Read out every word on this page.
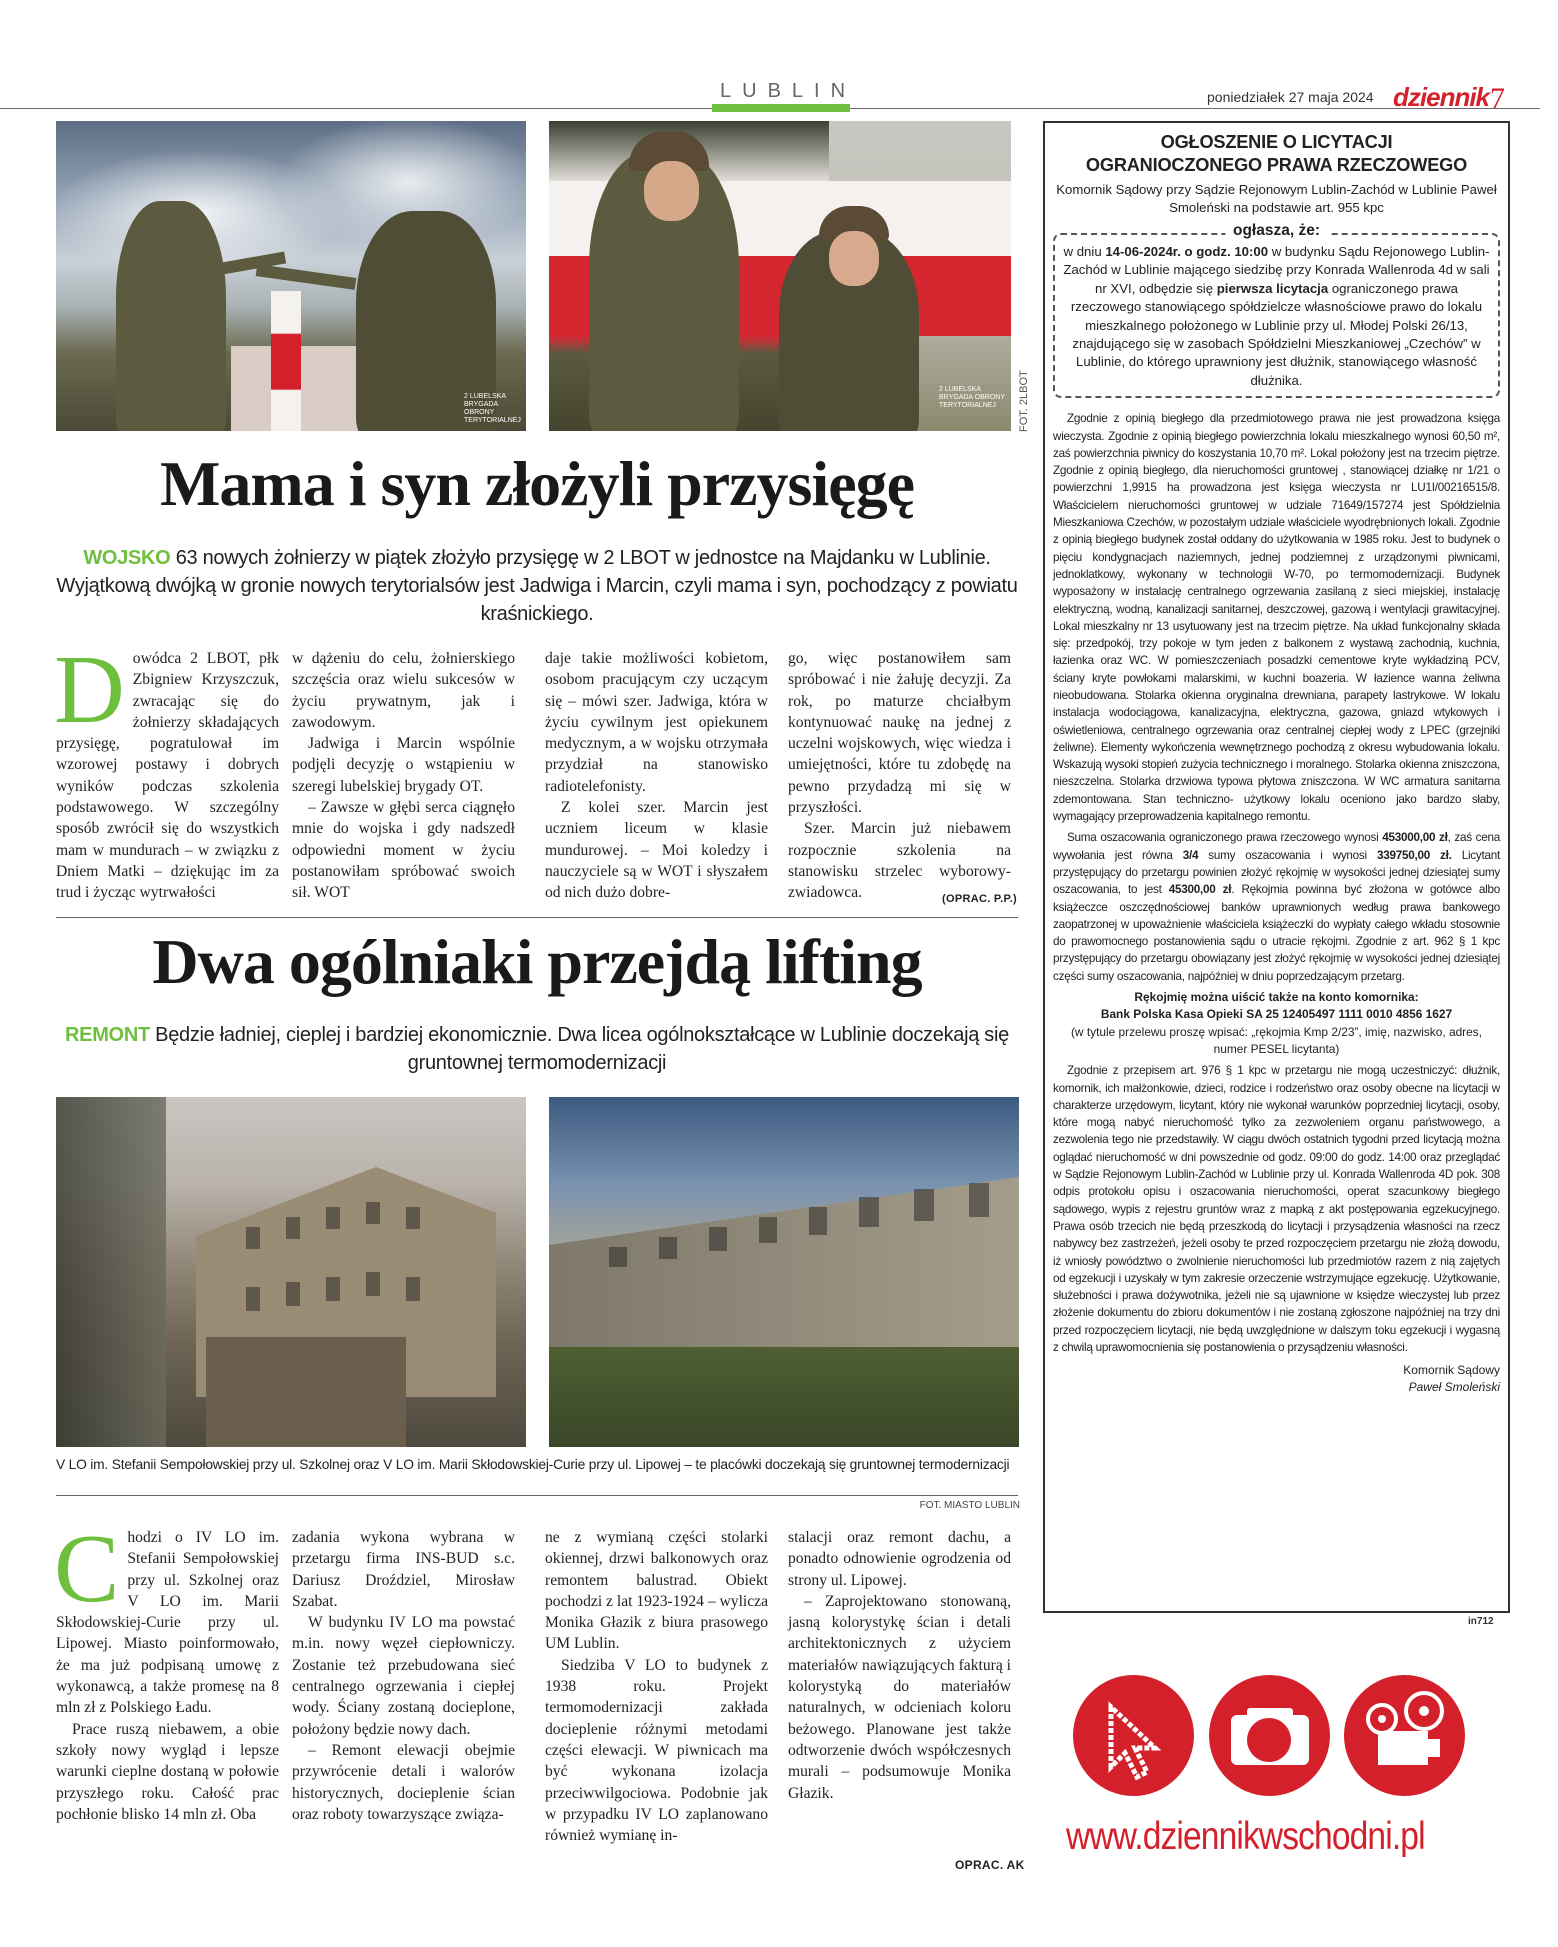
LUBLIN	poniedziałek 27 maja 2024 dziennik 7
2 LUBELSKA BRYGADA OBRONY TERYTORIALNEJ
2 LUBELSKA BRYGADA OBRONY TERYTORIALNEJ	FOT. 2LBOT
Mama i syn złożyli przysięgę
WOJSKO 63 nowych żołnierzy w piątek złożyło przysięgę w 2 LBOT w jednostce na Majdanku w Lublinie. Wyjątkową dwójką w gronie nowych terytorialsów jest Jadwiga i Marcin, czyli mama i syn, pochodzący z powiatu kraśnickiego.
D owódca 2 LBOT, płk Zbigniew Krzyszczuk, zwracając się do żołnierzy składających przysięgę, pogratulował im wzorowej postawy i dobrych wyników podczas szkolenia podstawowego. W szczególny sposób zwrócił się do wszystkich mam w mundurach – w związku z Dniem Matki – dziękując im za trud i życząc wytrwałości

w dążeniu do celu, żołnierskiego szczęścia oraz wielu sukcesów w życiu prywatnym, jak i zawodowym.

Jadwiga i Marcin wspólnie podjęli decyzję o wstąpieniu w szeregi lubelskiej brygady OT.

– Zawsze w głębi serca ciągnęło mnie do wojska i gdy nadszedł odpowiedni moment w życiu postanowiłam spróbować swoich sił. WOT

daje takie możliwości kobietom, osobom pracującym czy uczącym się – mówi szer. Jadwiga, która w życiu cywilnym jest opiekunem medycznym, a w wojsku otrzymała przydział na stanowisko radiotelefonisty.

Z kolei szer. Marcin jest uczniem liceum w klasie mundurowej. – Moi koledzy i nauczyciele są w WOT i słyszałem od nich dużo dobre-

go, więc postanowiłem sam spróbować i nie żałuję decyzji. Za rok, po maturze chciałbym kontynuować naukę na jednej z uczelni wojskowych, więc wiedza i umiejętności, które tu zdobędę na pewno przydadzą mi się w przyszłości.

Szer. Marcin już niebawem rozpocznie szkolenia na stanowisku strzelec wyborowy-zwiadowca.	(OPRAC. P.P.)
Dwa ogólniaki przejdą lifting
REMONT Będzie ładniej, cieplej i bardziej ekonomicznie. Dwa licea ogólnokształcące w Lublinie doczekają się gruntownej termomodernizacji
V LO im. Stefanii Sempołowskiej przy ul. Szkolnej oraz V LO im. Marii Skłodowskiej-Curie przy ul. Lipowej – te placówki doczekają się gruntownej termodernizacji
FOT. MIASTO LUBLIN
C hodzi o IV LO im. Stefanii Sempołowskiej przy ul. Szkolnej oraz V LO im. Marii Skłodowskiej-Curie przy ul. Lipowej. Miasto poinformowało, że ma już podpisaną umowę z wykonawcą, a także promesę na 8 mln zł z Polskiego Ładu.

Prace ruszą niebawem, a obie szkoły nowy wygląd i lepsze warunki cieplne dostaną w połowie przyszłego roku. Całość prac pochłonie blisko 14 mln zł. Oba

zadania wykona wybrana w przetargu firma INS-BUD s.c. Dariusz Droździel, Mirosław Szabat.

W budynku IV LO ma powstać m.in. nowy węzeł ciepłowniczy. Zostanie też przebudowana sieć centralnego ogrzewania i ciepłej wody. Ściany zostaną docieplone, położony będzie nowy dach.

– Remont elewacji obejmie przywrócenie detali i walorów historycznych, docieplenie ścian oraz roboty towarzyszące związa-

ne z wymianą części stolarki okiennej, drzwi balkonowych oraz remontem balustrad. Obiekt pochodzi z lat 1923-1924 – wylicza Monika Głazik z biura prasowego UM Lublin.

Siedziba V LO to budynek z 1938 roku. Projekt termomodernizacji zakłada docieplenie różnymi metodami części elewacji. W piwnicach ma być wykonana izolacja przeciwwilgociowa. Podobnie jak w przypadku IV LO zaplanowano również wymianę in-

stalacji oraz remont dachu, a ponadto odnowienie ogrodzenia od strony ul. Lipowej.

– Zaprojektowano stonowaną, jasną kolorystykę ścian i detali architektonicznych z użyciem materiałów nawiązujących fakturą i kolorystyką do materiałów naturalnych, w odcieniach koloru beżowego. Planowane jest także odtworzenie dwóch współczesnych murali – podsumowuje Monika Głazik.

OPRAC. AK
OGŁOSZENIE O LICYTACJI
OGRANIOCZONEGO PRAWA RZECZOWEGO
Komornik Sądowy przy Sądzie Rejonowym Lublin-Zachód w Lublinie Paweł Smoleński na podstawie art. 955 kpc
ogłasza, że:
w dniu 14-06-2024r. o godz. 10:00 w budynku Sądu Rejonowego Lublin-Zachód w Lublinie mającego siedzibę przy Konrada Wallenroda 4d w sali nr XVI, odbędzie się pierwsza licytacja ograniczonego prawa rzeczowego stanowiącego spółdzielcze własnościowe prawo do lokalu mieszkalnego położonego w Lublinie przy ul. Młodej Polski 26/13, znajdującego się w zasobach Spółdzielni Mieszkaniowej „Czechów” w Lublinie, do którego uprawniony jest dłużnik, stanowiącego własność dłużnika.

Zgodnie z opinią biegłego dla przedmiotowego prawa nie jest prowadzona księga wieczysta. Zgodnie z opinią biegłego powierzchnia lokalu mieszkalnego wynosi 60,50 m², zaś powierzchnia piwnicy do koszystania 10,70 m². Lokal położony jest na trzecim piętrze. Zgodnie z opinią biegłego, dla nieruchomości gruntowej , stanowiącej działkę nr 1/21 o powierzchni 1,9915 ha prowadzona jest księga wieczysta nr LU1I/00216515/8. Właścicielem nieruchomości gruntowej w udziale 71649/157274 jest Spółdzielnia Mieszkaniowa Czechów, w pozostałym udziale właściciele wyodrębnionych lokali. Zgodnie z opinią biegłego budynek został oddany do użytkowania w 1985 roku. Jest to budynek o pięciu kondygnacjach naziemnych, jednej podziemnej z urządzonymi piwnicami, jednoklatkowy, wykonany w technologii W-70, po termomodernizacji. Budynek wyposażony w instalację centralnego ogrzewania zasilaną z sieci miejskiej, instalację elektryczną, wodną, kanalizacji sanitarnej, deszczowej, gazową i wentylacji grawitacyjnej. Lokal mieszkalny nr 13 usytuowany jest na trzecim piętrze. Na układ funkcjonalny składa się: przedpokój, trzy pokoje w tym jeden z balkonem z wystawą zachodnią, kuchnia, łazienka oraz WC. W pomieszczeniach posadzki cementowe kryte wykładziną PCV, ściany kryte powłokami malarskimi, w kuchni boazeria. W łazience wanna żeliwna nieobudowana. Stolarka okienna oryginalna drewniana, parapety lastrykowe. W lokalu instalacja wodociągowa, kanalizacyjna, elektryczna, gazowa, gniazd wtykowych i oświetleniowa, centralnego ogrzewania oraz centralnej ciepłej wody z LPEC (grzejniki żeliwne). Elementy wykończenia wewnętrznego pochodzą z okresu wybudowania lokalu. Wskazują wysoki stopień zużycia technicznego i moralnego. Stolarka okienna zniszczona, nieszczelna. Stolarka drzwiowa typowa płytowa zniszczona. W WC armatura sanitarna zdemontowana. Stan techniczno- użytkowy lokalu oceniono jako bardzo słaby, wymagający przeprowadzenia kapitalnego remontu.

Suma oszacowania ograniczonego prawa rzeczowego wynosi 453000,00 zł, zaś cena wywołania jest równa 3/4 sumy oszacowania i wynosi 339750,00 zł. Licytant przystępujący do przetargu powinien złożyć rękojmię w wysokości jednej dziesiątej sumy oszacowania, to jest 45300,00 zł. Rękojmia powinna być złożona w gotówce albo książeczce oszczędnościowej banków uprawnionych według prawa bankowego zaopatrzonej w upoważnienie właściciela książeczki do wypłaty całego wkładu stosownie do prawomocnego postanowienia sądu o utracie rękojmi. Zgodnie z art. 962 § 1 kpc przystępujący do przetargu obowiązany jest złożyć rękojmię w wysokości jednej dziesiątej części sumy oszacowania, najpóźniej w dniu poprzedzającym przetarg.

Rękojmię można uiścić także na konto komornika:
Bank Polska Kasa Opieki SA 25 12405497 1111 0010 4856 1627
(w tytule przelewu proszę wpisać: „rękojmia Kmp 2/23”, imię, nazwisko, adres, numer PESEL licytanta)

Zgodnie z przepisem art. 976 § 1 kpc w przetargu nie mogą uczestniczyć: dłużnik, komornik, ich małżonkowie, dzieci, rodzice i rodzeństwo oraz osoby obecne na licytacji w charakterze urzędowym, licytant, który nie wykonał warunków poprzedniej licytacji, osoby, które mogą nabyć nieruchomość tylko za zezwoleniem organu państwowego, a zezwolenia tego nie przedstawiły. W ciągu dwóch ostatnich tygodni przed licytacją można oglądać nieruchomość w dni powszednie od godz. 09:00 do godz. 14:00 oraz przeglądać w Sądzie Rejonowym Lublin-Zachód w Lublinie przy ul. Konrada Wallenroda 4D pok. 308 odpis protokołu opisu i oszacowania nieruchomości, operat szacunkowy biegłego sądowego, wypis z rejestru gruntów wraz z mapką z akt postępowania egzekucyjnego. Prawa osób trzecich nie będą przeszkodą do licytacji i przysądzenia własności na rzecz nabywcy bez zastrzeżeń, jeżeli osoby te przed rozpoczęciem przetargu nie złożą dowodu, iż wniosły powództwo o zwolnienie nieruchomości lub przedmiotów razem z nią zajętych od egzekucji i uzyskały w tym zakresie orzeczenie wstrzymujące egzekucję. Użytkowanie, służebności i prawa dożywotnika, jeżeli nie są ujawnione w księdze wieczystej lub przez złożenie dokumentu do zbioru dokumentów i nie zostaną zgłoszone najpóźniej na trzy dni przed rozpoczęciem licytacji, nie będą uwzględnione w dalszym toku egzekucji i wygasną z chwilą uprawomocnienia się postanowienia o przysądzeniu własności.

Komornik Sądowy
Paweł Smoleński
in712
www.dziennikwschodni.pl
